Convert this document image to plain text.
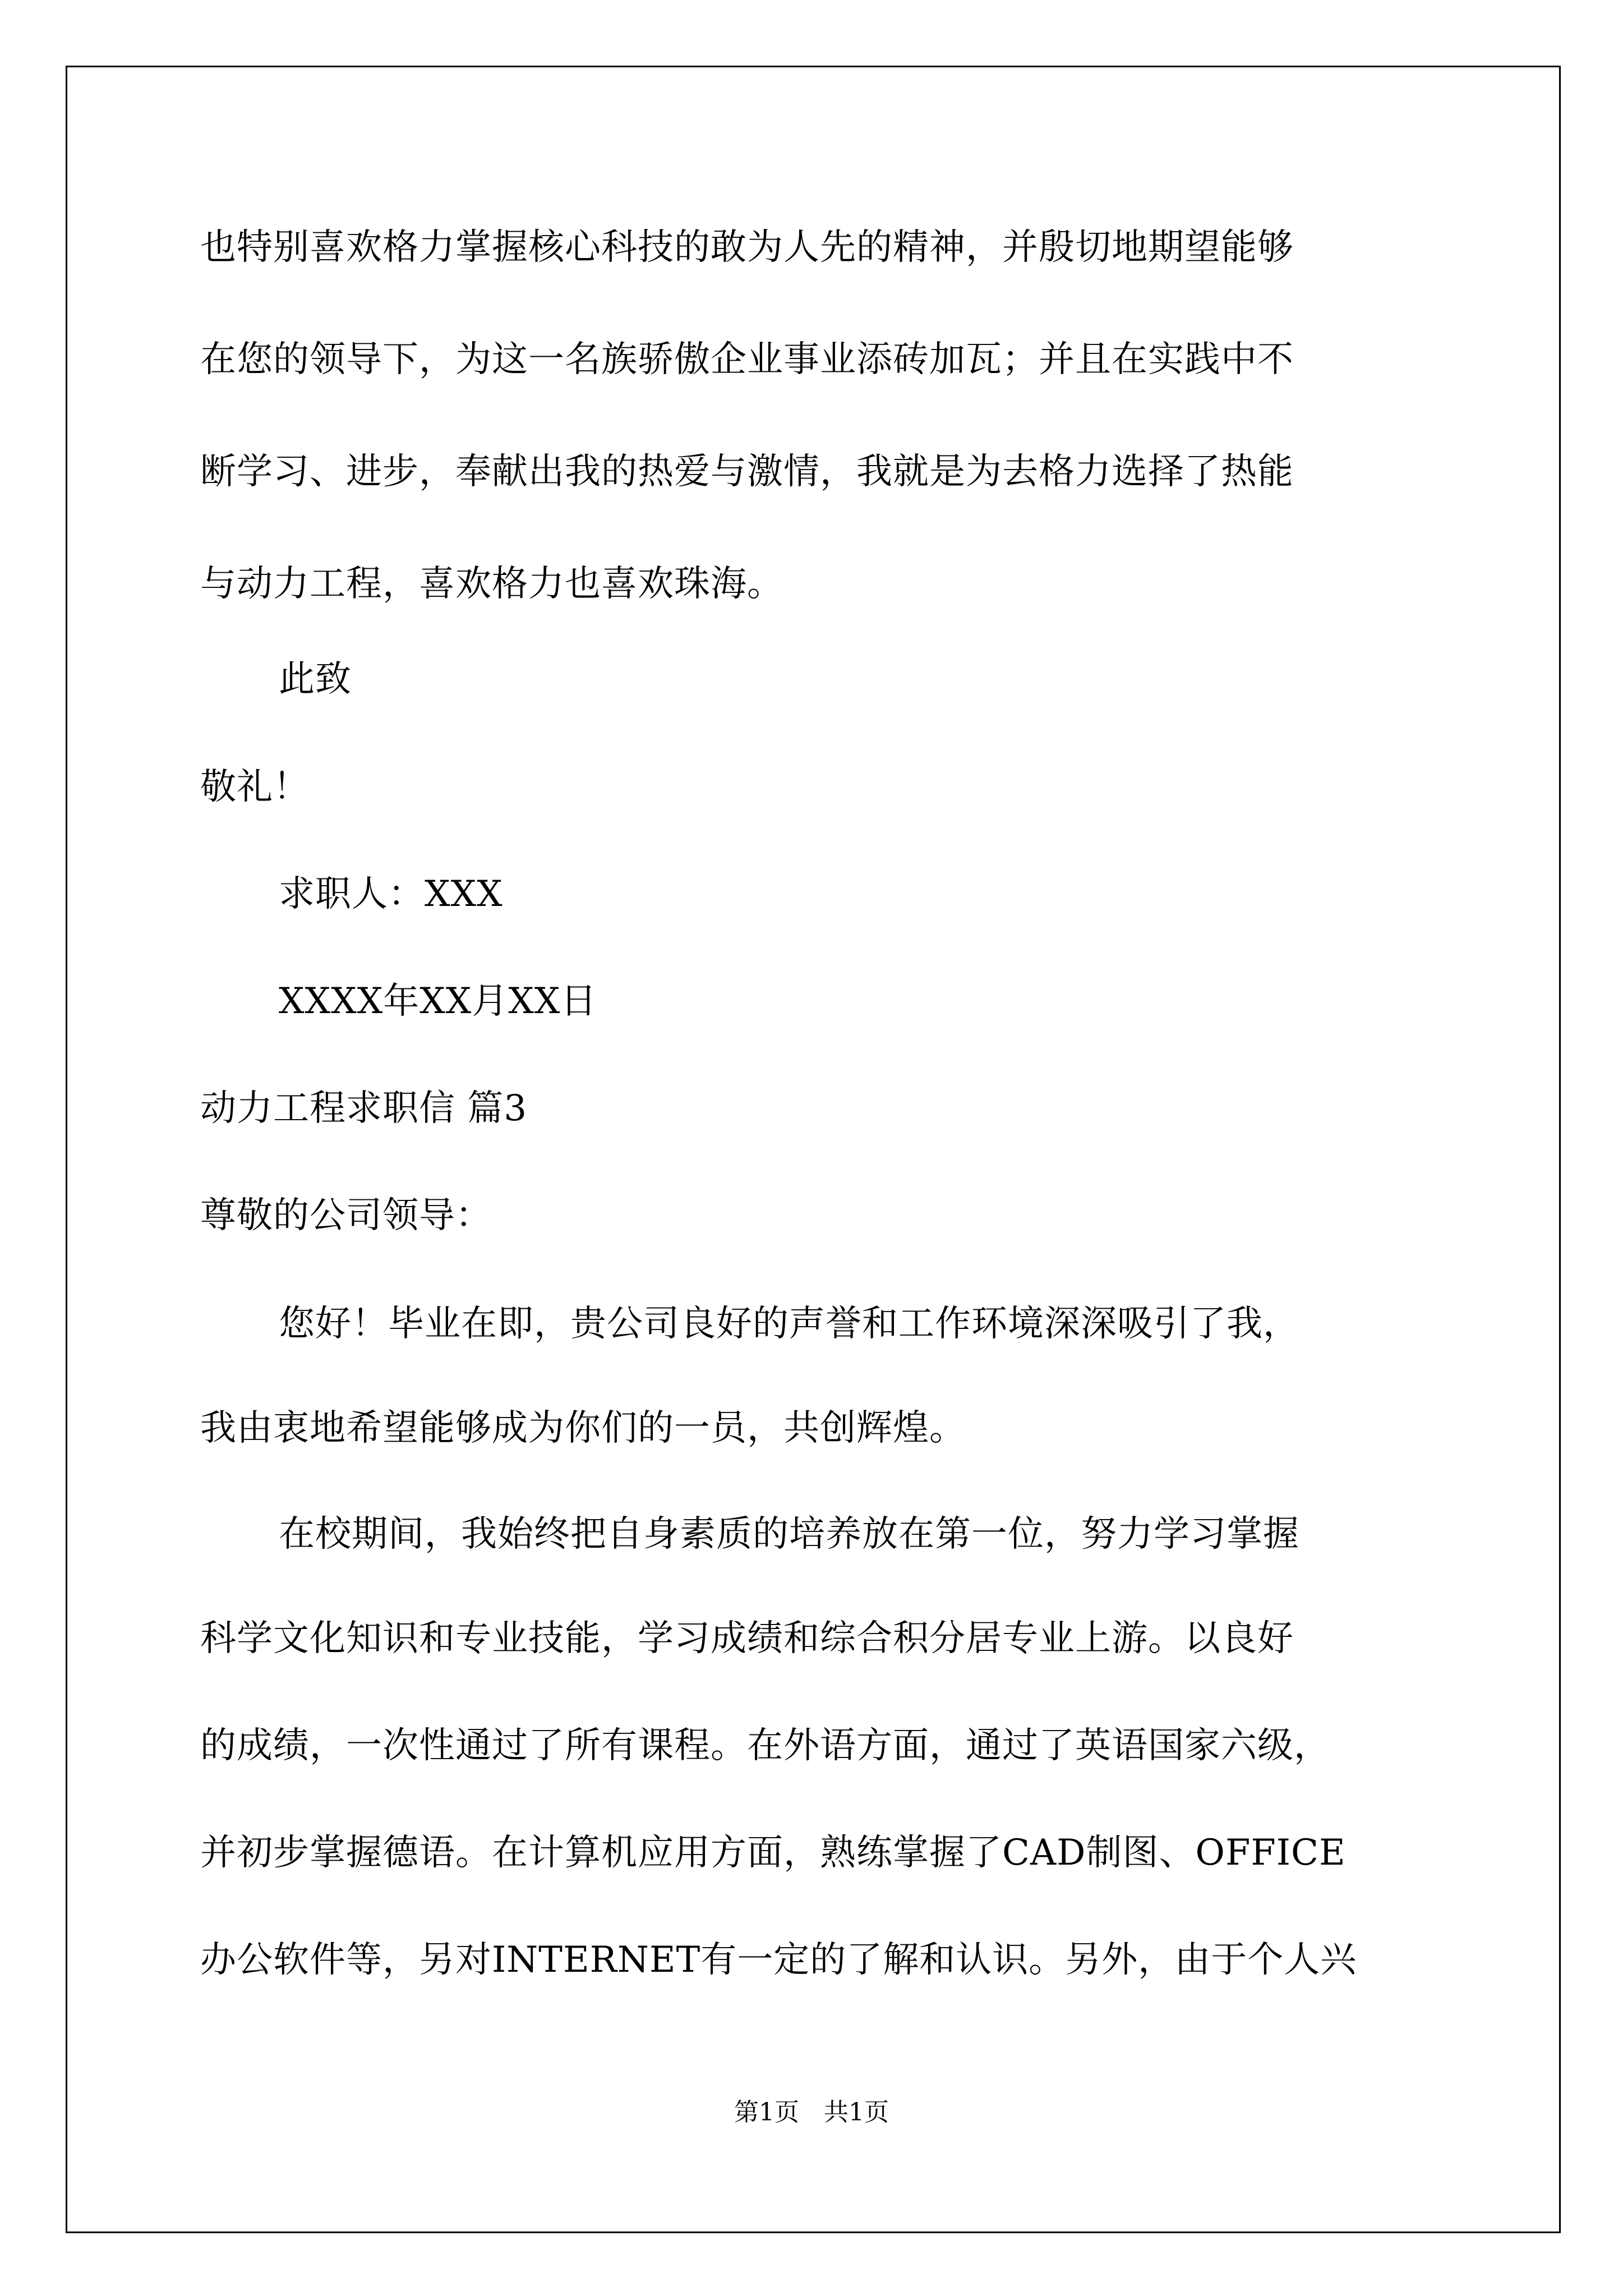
也特别喜欢格力掌握核心科技的敢为人先的精神，并殷切地期望能够
在您的领导下，为这一名族骄傲企业事业添砖加瓦；并且在实践中不
断学习、进步，奉献出我的热爱与激情，我就是为去格力选择了热能
与动力工程，喜欢格力也喜欢珠海。
此致
敬礼！
求职人：XXX
XXXX年XX月XX日
动力工程求职信 篇3
尊敬的公司领导：
您好！毕业在即，贵公司良好的声誉和工作环境深深吸引了我，
我由衷地希望能够成为你们的一员，共创辉煌。
在校期间，我始终把自身素质的培养放在第一位，努力学习掌握
科学文化知识和专业技能，学习成绩和综合积分居专业上游。以良好
的成绩，一次性通过了所有课程。在外语方面，通过了英语国家六级，
并初步掌握德语。在计算机应用方面，熟练掌握了CAD制图、OFFICE
办公软件等，另对INTERNET有一定的了解和认识。另外，由于个人兴
第1页　共1页
